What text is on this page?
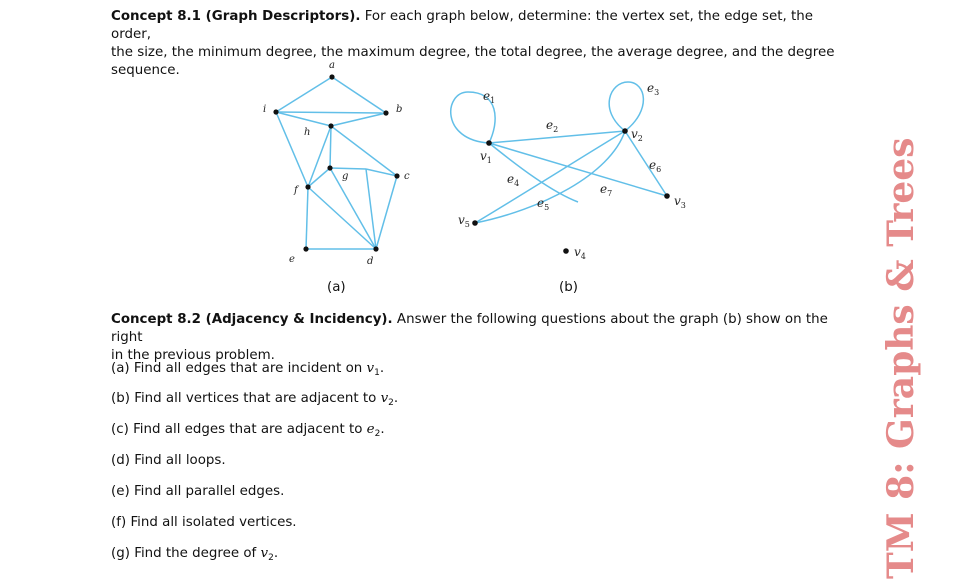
Concept 8.1 (Graph Descriptors). For each graph below, determine: the vertex set, the edge set, the order,
the size, the minimum degree, the maximum degree, the total degree, the average degree, and the degree sequence.	a
b
c
d
e
f
g
h
i
$v_1$
$v_2$
$v_3$
$v_4$
$v_5$
$e_1$
$e_2$
$e_3$
$e_4$
$e_5$
$e_6$
$e_7$
(a)	(b)
Concept 8.2 (Adjacency & Incidency). Answer the following questions about the graph (b) show on the right
in the previous problem.
(a) Find all edges that are incident on $v_1$.
(b) Find all vertices that are adjacent to $v_2$.
(c) Find all edges that are adjacent to $e_2$.
(d) Find all loops.
(e) Find all parallel edges.
(f) Find all isolated vertices.
(g) Find the degree of $v_2$.	TM 8: Graphs & Trees
